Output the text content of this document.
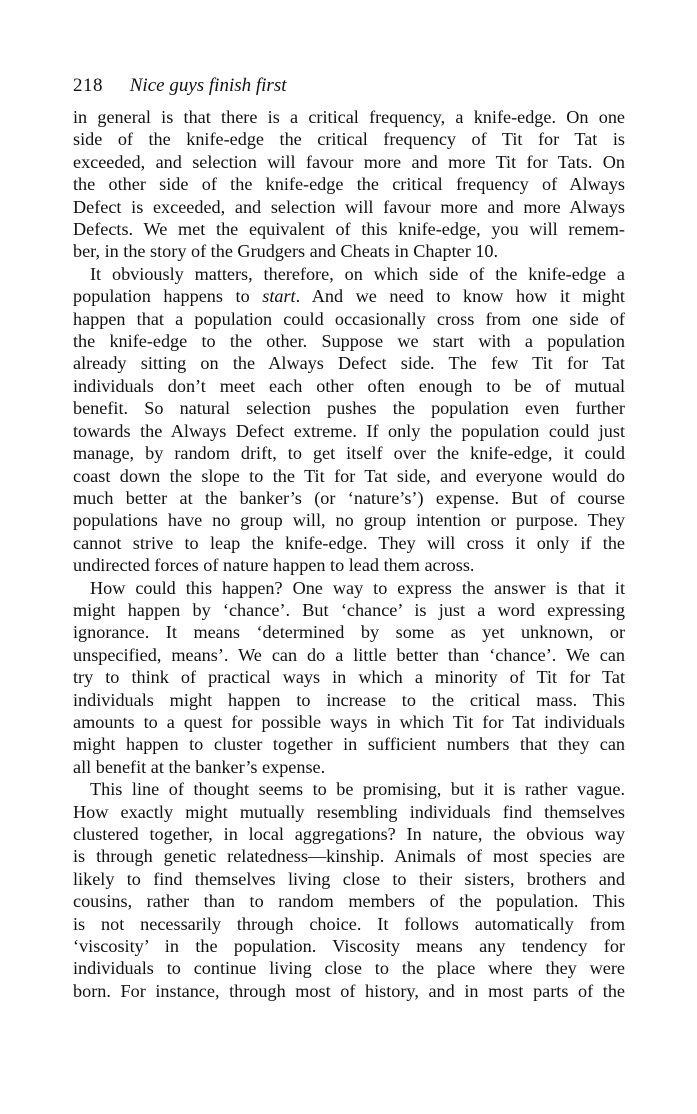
218 Nice guys finish first
in general is that there is a critical frequency, a knife-edge. On one
side of the knife-edge the critical frequency of Tit for Tat is
exceeded, and selection will favour more and more Tit for Tats. On
the other side of the knife-edge the critical frequency of Always
Defect is exceeded, and selection will favour more and more Always
Defects. We met the equivalent of this knife-edge, you will remem-
ber, in the story of the Grudgers and Cheats in Chapter 10.
It obviously matters, therefore, on which side of the knife-edge a
population happens to start. And we need to know how it might
happen that a population could occasionally cross from one side of
the knife-edge to the other. Suppose we start with a population
already sitting on the Always Defect side. The few Tit for Tat
individuals don’t meet each other often enough to be of mutual
benefit. So natural selection pushes the population even further
towards the Always Defect extreme. If only the population could just
manage, by random drift, to get itself over the knife-edge, it could
coast down the slope to the Tit for Tat side, and everyone would do
much better at the banker’s (or ‘nature’s’) expense. But of course
populations have no group will, no group intention or purpose. They
cannot strive to leap the knife-edge. They will cross it only if the
undirected forces of nature happen to lead them across.
How could this happen? One way to express the answer is that it
might happen by ‘chance’. But ‘chance’ is just a word expressing
ignorance. It means ‘determined by some as yet unknown, or
unspecified, means’. We can do a little better than ‘chance’. We can
try to think of practical ways in which a minority of Tit for Tat
individuals might happen to increase to the critical mass. This
amounts to a quest for possible ways in which Tit for Tat individuals
might happen to cluster together in sufficient numbers that they can
all benefit at the banker’s expense.
This line of thought seems to be promising, but it is rather vague.
How exactly might mutually resembling individuals find themselves
clustered together, in local aggregations? In nature, the obvious way
is through genetic relatedness—kinship. Animals of most species are
likely to find themselves living close to their sisters, brothers and
cousins, rather than to random members of the population. This
is not necessarily through choice. It follows automatically from
‘viscosity’ in the population. Viscosity means any tendency for
individuals to continue living close to the place where they were
born. For instance, through most of history, and in most parts of the
